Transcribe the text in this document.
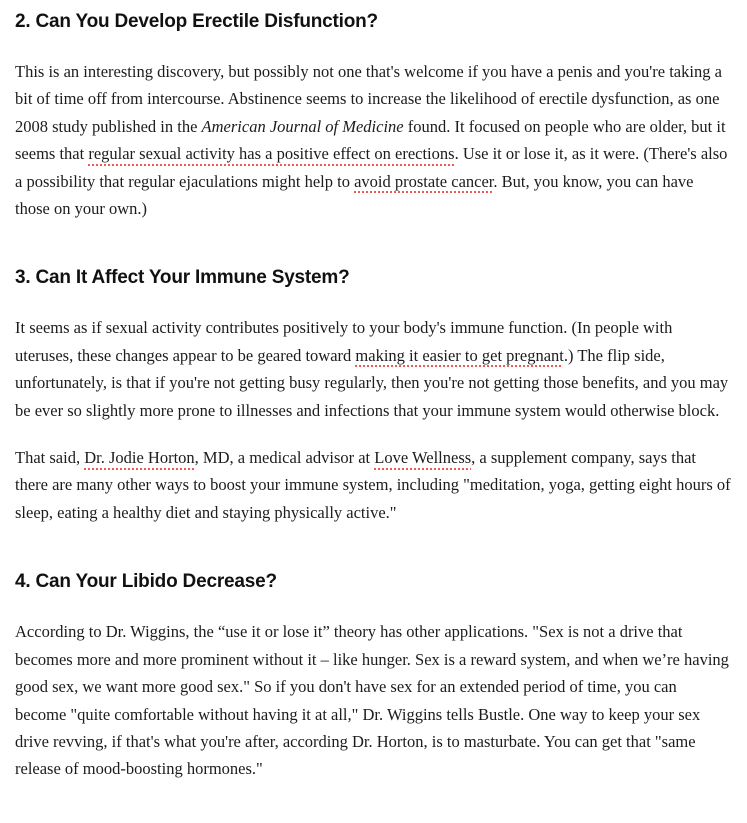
2. Can You Develop Erectile Disfunction?

This is an interesting discovery, but possibly not one that's welcome if you have a penis and you're taking a bit of time off from intercourse. Abstinence seems to increase the likelihood of erectile dysfunction, as one 2008 study published in the American Journal of Medicine found. It focused on people who are older, but it seems that regular sexual activity has a positive effect on erections. Use it or lose it, as it were. (There's also a possibility that regular ejaculations might help to avoid prostate cancer. But, you know, you can have those on your own.)

3. Can It Affect Your Immune System?

It seems as if sexual activity contributes positively to your body's immune function. (In people with uteruses, these changes appear to be geared toward making it easier to get pregnant.) The flip side, unfortunately, is that if you're not getting busy regularly, then you're not getting those benefits, and you may be ever so slightly more prone to illnesses and infections that your immune system would otherwise block.

That said, Dr. Jodie Horton, MD, a medical advisor at Love Wellness, a supplement company, says that there are many other ways to boost your immune system, including "meditation, yoga, getting eight hours of sleep, eating a healthy diet and staying physically active."

4. Can Your Libido Decrease?

According to Dr. Wiggins, the “use it or lose it” theory has other applications. "Sex is not a drive that becomes more and more prominent without it – like hunger. Sex is a reward system, and when we’re having good sex, we want more good sex." So if you don't have sex for an extended period of time, you can become "quite comfortable without having it at all," Dr. Wiggins tells Bustle. One way to keep your sex drive revving, if that's what you're after, according Dr. Horton, is to masturbate. You can get that "same release of mood-boosting hormones."
